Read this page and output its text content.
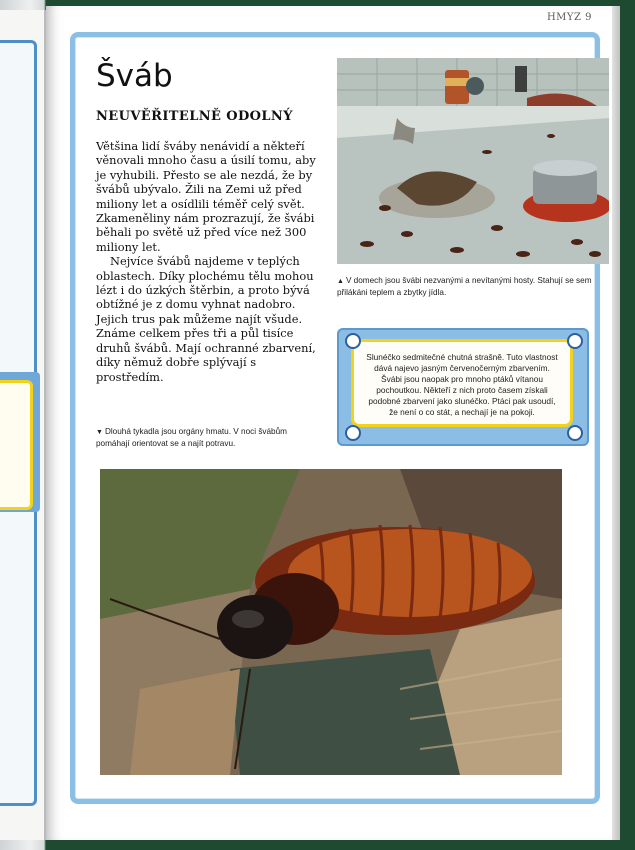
HMYZ 9
Šváb
NEUVĚŘITELNĚ ODOLNÝ

Většina lidí šváby nenávidí a někteří věnovali mnoho času a úsilí tomu, aby je vyhubili. Přesto se ale nezdá, že by švábů ubývalo. Žili na Zemi už před miliony let a osídlili téměř celý svět. Zkameněliny nám prozrazují, že švábi běhali po světě už před více než 300 miliony let.

Nejvíce švábů najdeme v teplých oblastech. Díky plochému tělu mohou lézt i do úzkých štěrbin, a proto bývá obtížné je z domu vyhnat nadobro. Jejich trus pak můžeme najít všude. Známe celkem přes tři a půl tisíce druhů švábů. Mají ochranné zbarvení, díky němuž dobře splývají s prostředím.

▲ V domech jsou švábi nezvanými a nevítanými hosty. Stahují se sem přilákáni teplem a zbytky jídla.
Slunéčko sedmitečné chutná strašně. Tuto vlastnost dává najevo jasným červenočerným zbarvením. Švábi jsou naopak pro mnoho ptáků vítanou pochoutkou. Někteří z nich proto časem získali podobné zbarvení jako slunéčko. Ptáci pak usoudí, že není o co stát, a nechají je na pokoji.
▼ Dlouhá tykadla jsou orgány hmatu. V noci švábům pomáhají orientovat se a najít potravu.
